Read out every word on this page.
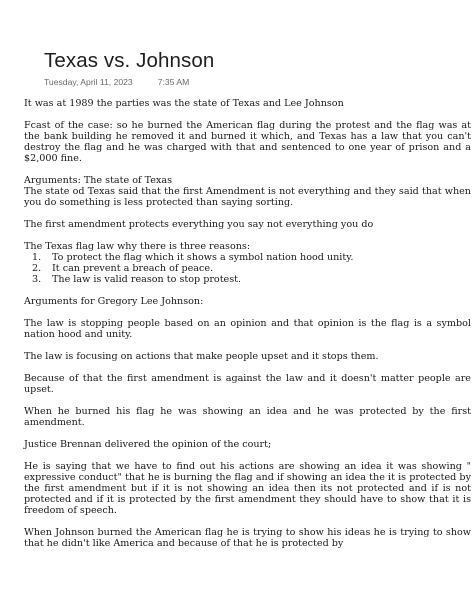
Texas vs. Johnson
Tuesday, April 11, 2023	7:35 AM

It was at 1989 the parties was the state of Texas and Lee Johnson

Fcast of the case: so he burned the American flag during the protest and the flag was at the bank building he removed it and burned it which, and Texas has a law that you can't destroy the flag and he was charged with that and sentenced to one year of prison and a $2,000 fine.

Arguments: The state of Texas

The state od Texas said that the first Amendment is not everything and they said that when you do something is less protected than saying sorting.

The first amendment protects everything you say not everything you do

The Texas flag law why there is three reasons:

1. To protect the flag which it shows a symbol nation hood unity.
2. It can prevent a breach of peace.
3. The law is valid reason to stop protest.

Arguments for Gregory Lee Johnson:

The law is stopping people based on an opinion and that opinion is the flag is a symbol nation hood and unity.

The law is focusing on actions that make people upset and it stops them.

Because of that the first amendment is against the law and it doesn't matter people are upset.

When he burned his flag he was showing an idea and he was protected by the first amendment.

Justice Brennan delivered the opinion of the court;

He is saying that we have to find out his actions are showing an idea it was showing " expressive conduct" that he is burning the flag and if showing an idea the it is protected by the first amendment but if it is not showing an idea then its not protected and if is not protected and if it is protected by the first amendment they should have to show that it is freedom of speech.

When Johnson burned the American flag he is trying to show his ideas he is trying to show that he didn't like America and because of that he is protected by
